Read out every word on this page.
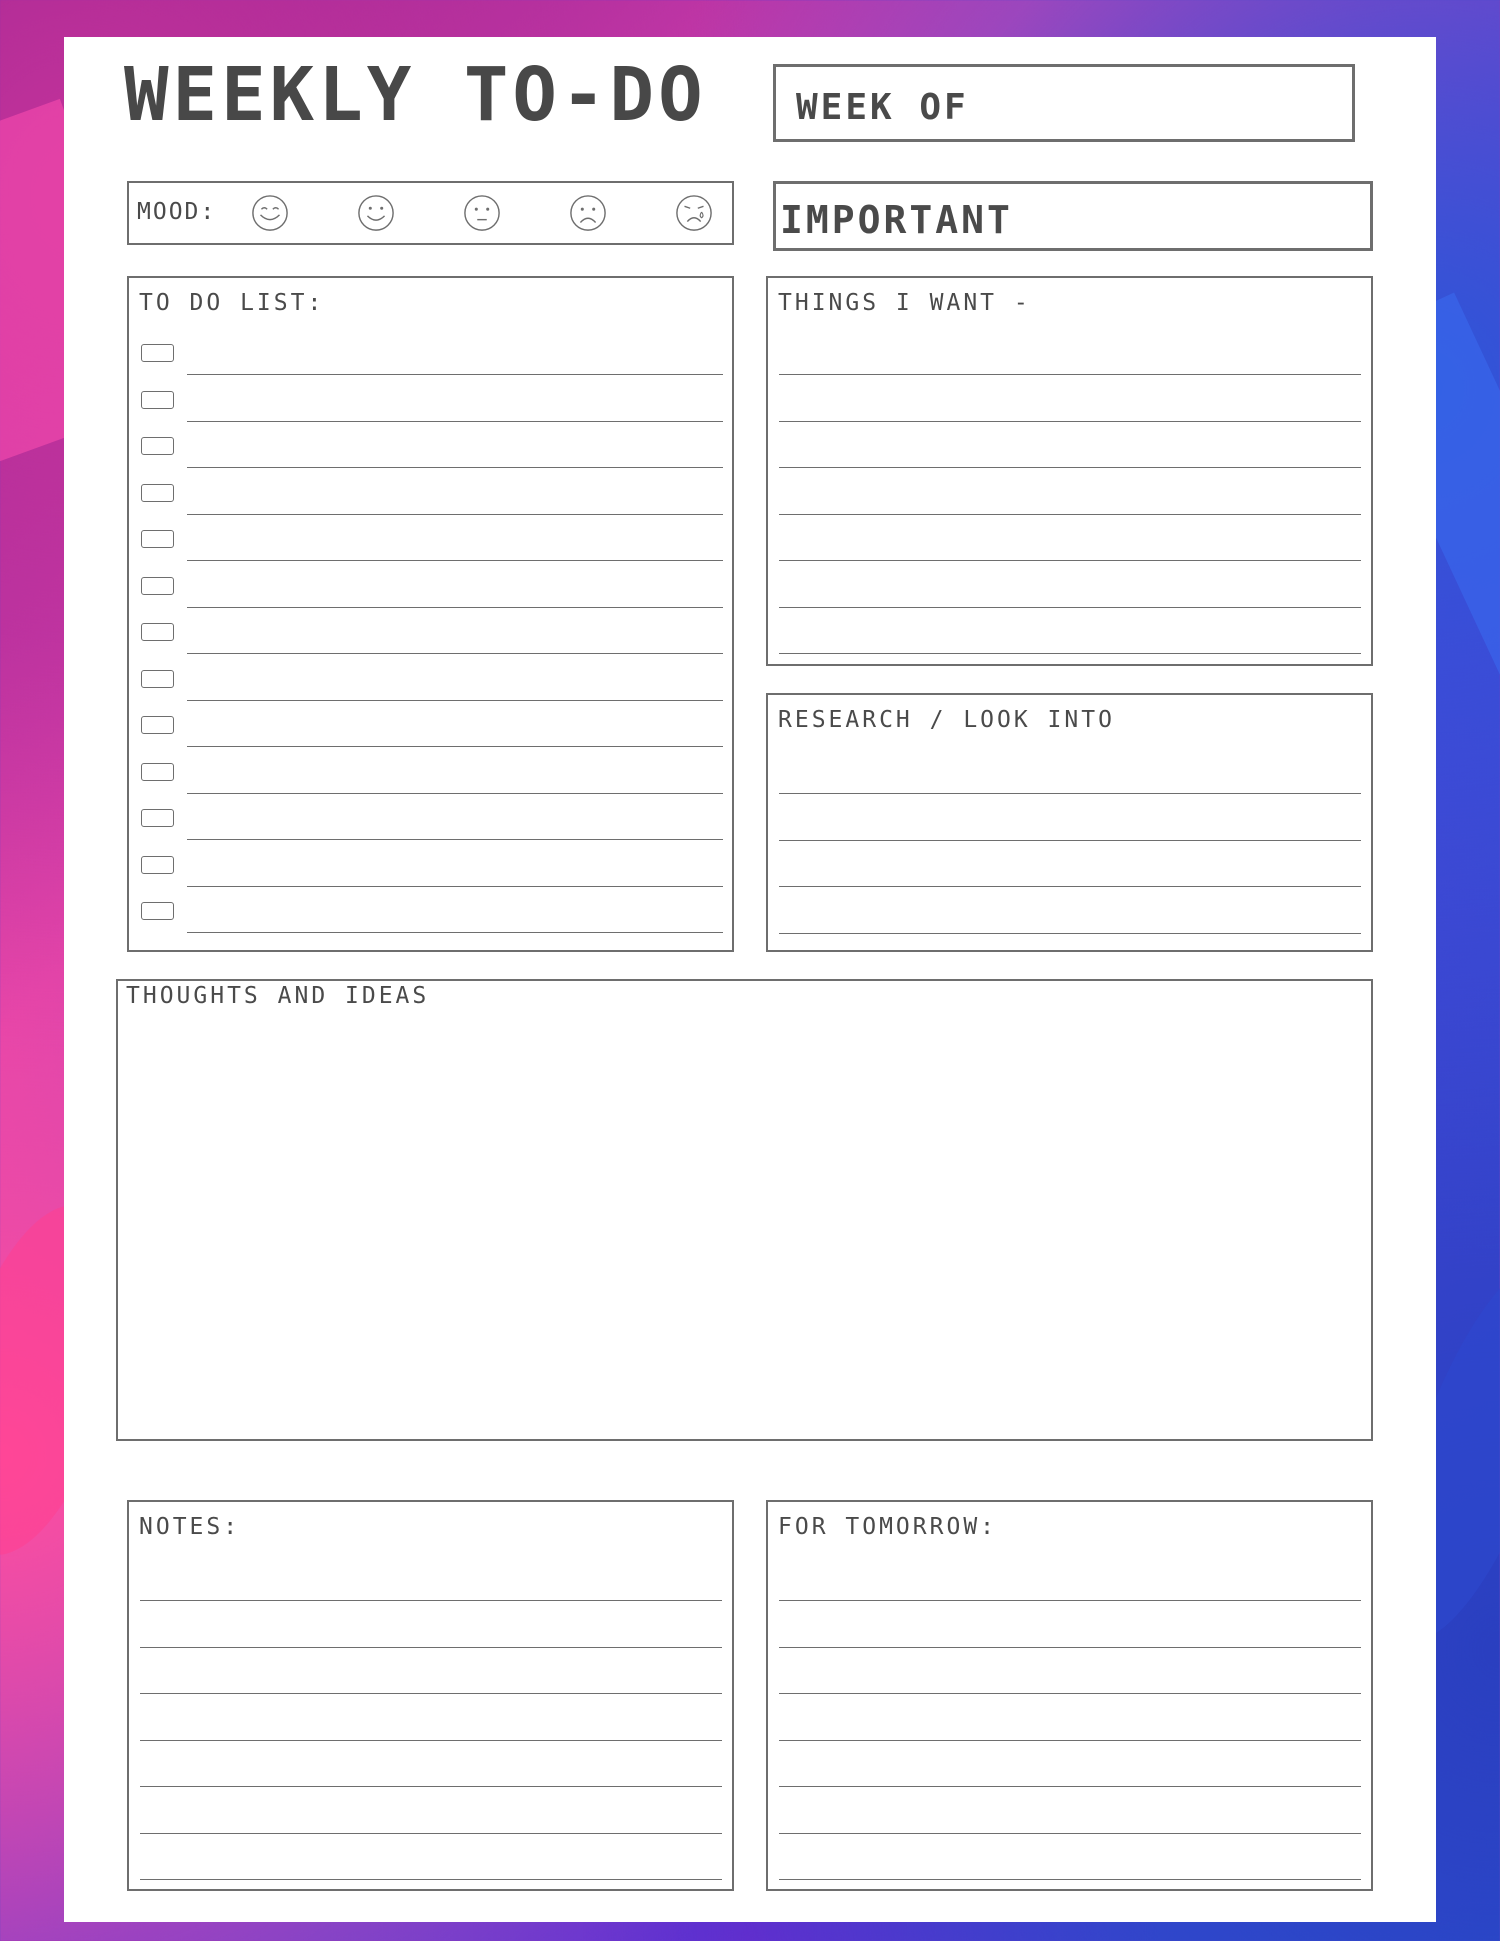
WEEKLY TO-DO WEEK OF
MOOD:	IMPORTANT
TO DO LIST:	THINGS I WANT -
RESEARCH / LOOK INTO
THOUGHTS AND IDEAS
NOTES:	FOR TOMORROW:
